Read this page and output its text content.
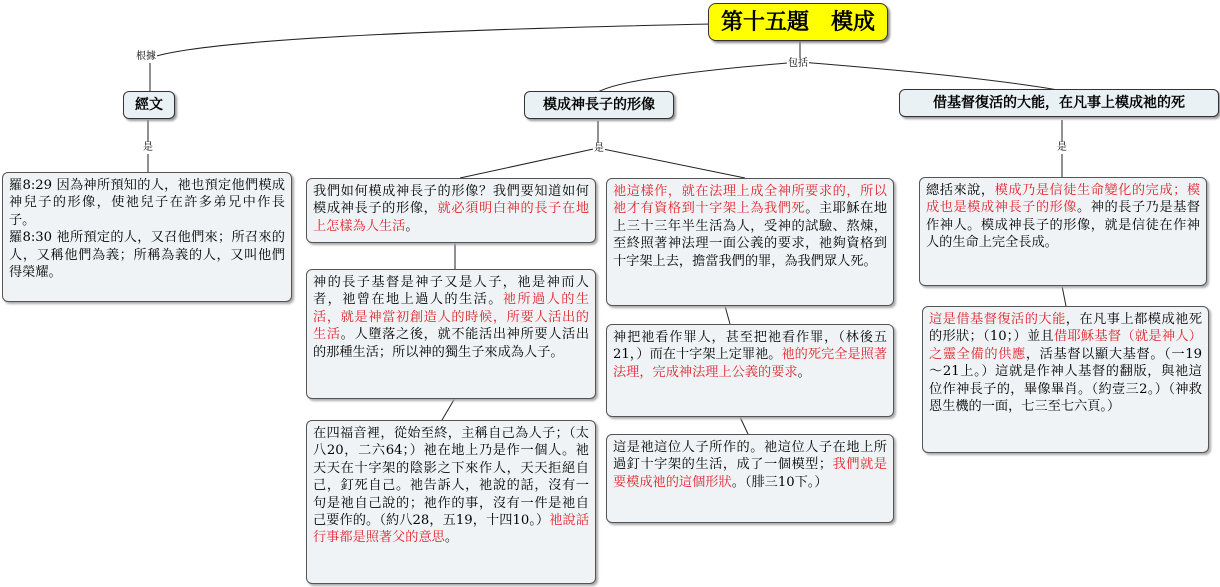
第十五題　模成
根據
包括
是	是	是
經文	模成神長子的形像	借基督復活的大能，在凡事上模成祂的死
羅8:29 因為神所預知的人，祂也預定他們模成神兒子的形像，使祂兒子在許多弟兄中作長子。
羅8:30 祂所預定的人，又召他們來；所召來的人，又稱他們為義；所稱為義的人，又叫他們得榮耀。
我們如何模成神長子的形像？我們要知道如何模成神長子的形像，就必須明白神的長子在地上怎樣為人生活。
神的長子基督是神子又是人子，祂是神而人者，祂曾在地上過人的生活。祂所過人的生活，就是神當初創造人的時候，所要人活出的生活。人墮落之後，就不能活出神所要人活出的那種生活；所以神的獨生子來成為人子。
在四福音裡，從始至終，主稱自己為人子；（太八20，二六64；）祂在地上乃是作一個人。祂天天在十字架的陰影之下來作人，天天拒絕自己，釘死自己。祂告訴人，祂說的話，沒有一句是祂自己說的；祂作的事，沒有一件是祂自己要作的。（約八28，五19，十四10。）祂說話行事都是照著父的意思。
祂這樣作，就在法理上成全神所要求的，所以祂才有資格到十字架上為我們死。主耶穌在地上三十三年半生活為人，受神的試驗、熬煉，至終照著神法理一面公義的要求，祂夠資格到十字架上去，擔當我們的罪，為我們眾人死。
神把祂看作罪人，甚至把祂看作罪，（林後五21，）而在十字架上定罪祂。祂的死完全是照著法理，完成神法理上公義的要求。
這是祂這位人子所作的。祂這位人子在地上所過釘十字架的生活，成了一個模型；我們就是要模成祂的這個形狀。（腓三10下。）
總括來說，模成乃是信徒生命變化的完成；模成也是模成神長子的形像。神的長子乃是基督作神人。模成神長子的形像，就是信徒在作神人的生命上完全長成。
這是借基督復活的大能，在凡事上都模成祂死的形狀；（10；）並且借耶穌基督（就是神人）之靈全備的供應，活基督以顯大基督。（一19～21上。）這就是作神人基督的翻版，與祂這位作神長子的，畢像畢肖。（約壹三2。）（神救恩生機的一面，七三至七六頁。）
